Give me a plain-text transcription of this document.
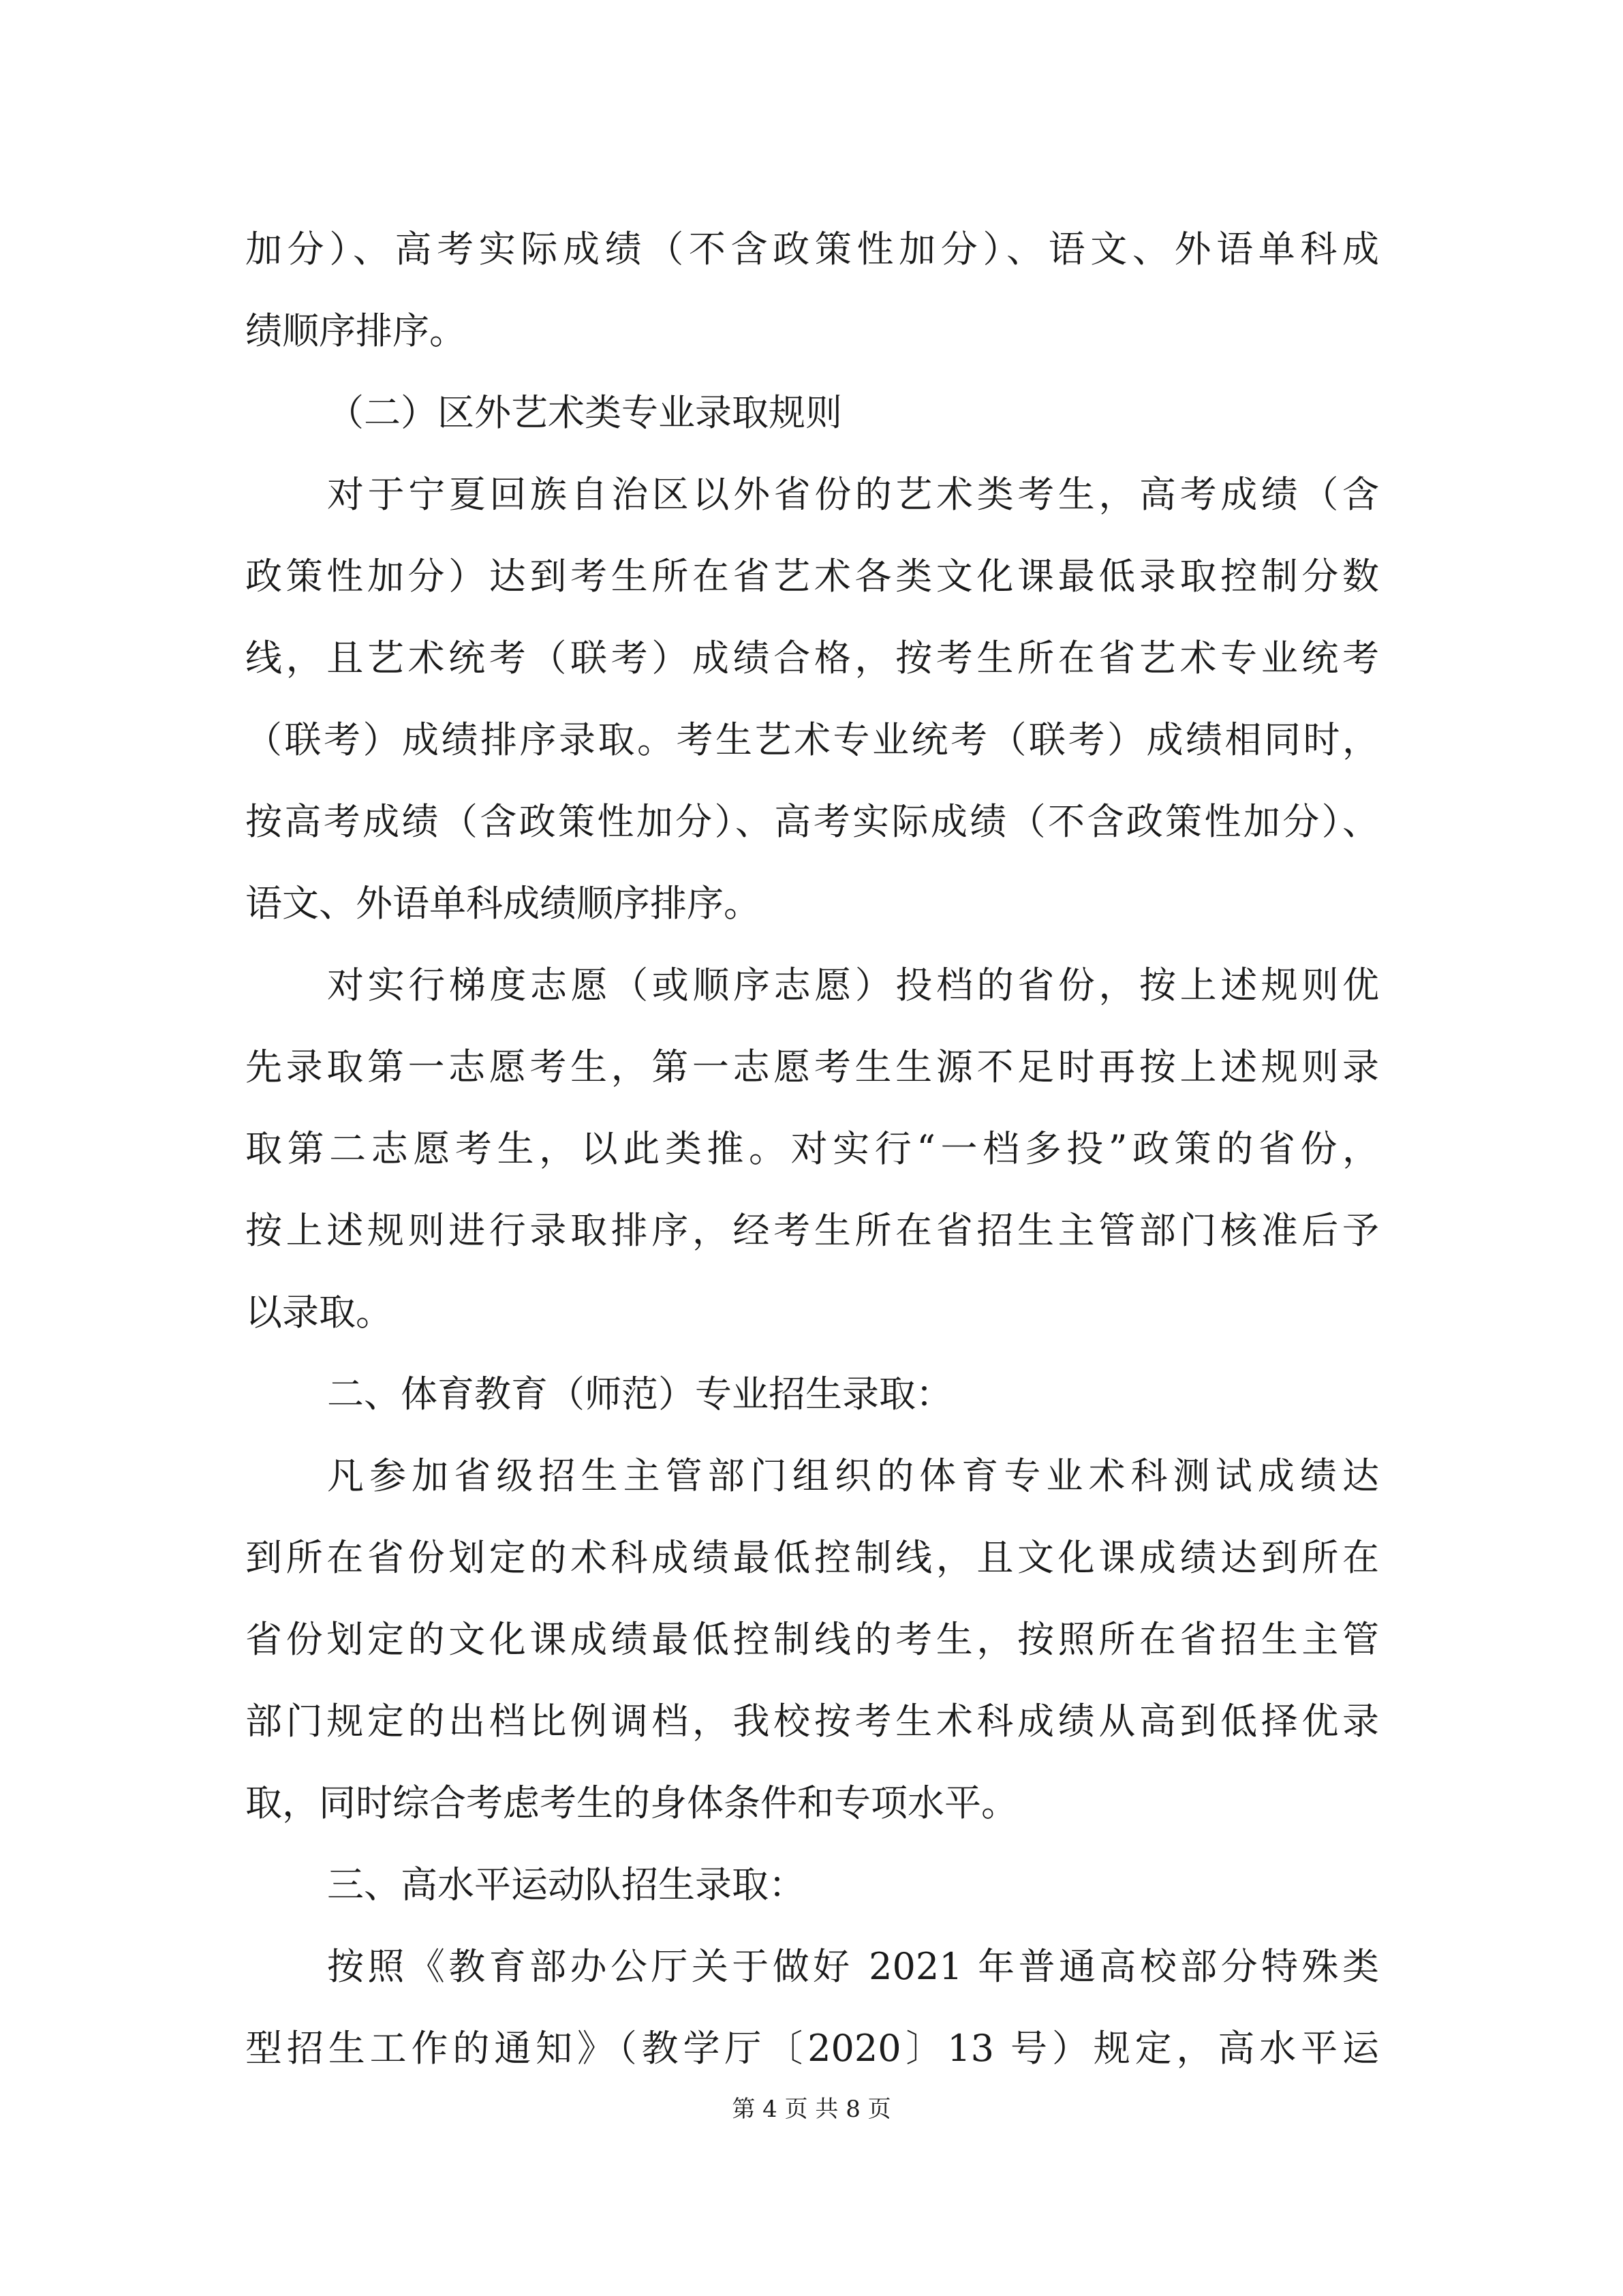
加分）、高考实际成绩（不含政策性加分）、语文、外语单科成
绩顺序排序。
（二）区外艺术类专业录取规则
对于宁夏回族自治区以外省份的艺术类考生，高考成绩（含
政策性加分）达到考生所在省艺术各类文化课最低录取控制分数
线，且艺术统考（联考）成绩合格，按考生所在省艺术专业统考
（联考）成绩排序录取。考生艺术专业统考（联考）成绩相同时，
按高考成绩（含政策性加分）、高考实际成绩（不含政策性加分）、
语文、外语单科成绩顺序排序。
对实行梯度志愿（或顺序志愿）投档的省份，按上述规则优
先录取第一志愿考生，第一志愿考生生源不足时再按上述规则录
取第二志愿考生，以此类推。对实行“一档多投”政策的省份，
按上述规则进行录取排序，经考生所在省招生主管部门核准后予
以录取。
二、体育教育（师范）专业招生录取：
凡参加省级招生主管部门组织的体育专业术科测试成绩达
到所在省份划定的术科成绩最低控制线，且文化课成绩达到所在
省份划定的文化课成绩最低控制线的考生，按照所在省招生主管
部门规定的出档比例调档，我校按考生术科成绩从高到低择优录
取，同时综合考虑考生的身体条件和专项水平。
三、高水平运动队招生录取：
按照《教育部办公厅关于做好 2021 年普通高校部分特殊类
型招生工作的通知》（教学厅〔2020〕13 号）规定，高水平运
第 4 页 共 8 页
